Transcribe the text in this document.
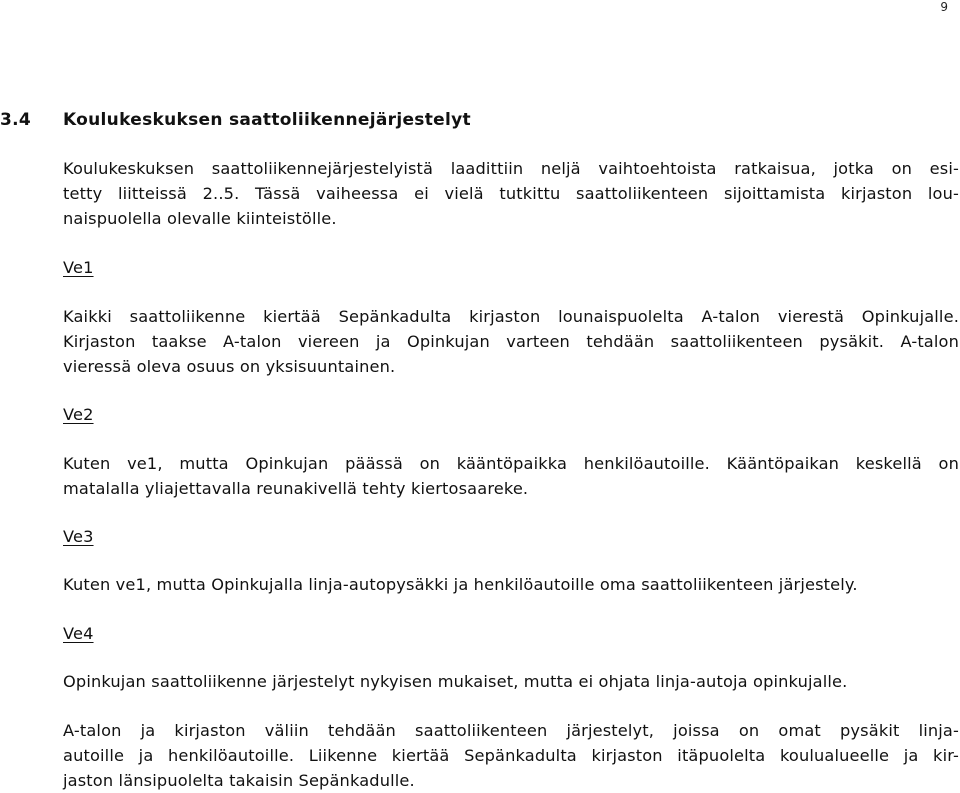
9
3.4 Koulukeskuksen saattoliikennejärjestelyt
Koulukeskuksen saattoliikennejärjestelyistä laadittiin neljä vaihtoehtoista ratkaisua, jotka on esi-
tetty liitteissä 2..5. Tässä vaiheessa ei vielä tutkittu saattoliikenteen sijoittamista kirjaston lou-
naispuolella olevalle kiinteistölle.
Ve1
Kaikki saattoliikenne kiertää Sepänkadulta kirjaston lounaispuolelta A-talon vierestä Opinkujalle.
Kirjaston taakse A-talon viereen ja Opinkujan varteen tehdään saattoliikenteen pysäkit. A-talon
vieressä oleva osuus on yksisuuntainen.
Ve2
Kuten ve1, mutta Opinkujan päässä on kääntöpaikka henkilöautoille. Kääntöpaikan keskellä on
matalalla yliajettavalla reunakivellä tehty kiertosaareke.
Ve3
Kuten ve1, mutta Opinkujalla linja-autopysäkki ja henkilöautoille oma saattoliikenteen järjestely.
Ve4
Opinkujan saattoliikenne järjestelyt nykyisen mukaiset, mutta ei ohjata linja-autoja opinkujalle.
A-talon ja kirjaston väliin tehdään saattoliikenteen järjestelyt, joissa on omat pysäkit linja-
autoille ja henkilöautoille. Liikenne kiertää Sepänkadulta kirjaston itäpuolelta koulualueelle ja kir-
jaston länsipuolelta takaisin Sepänkadulle.
